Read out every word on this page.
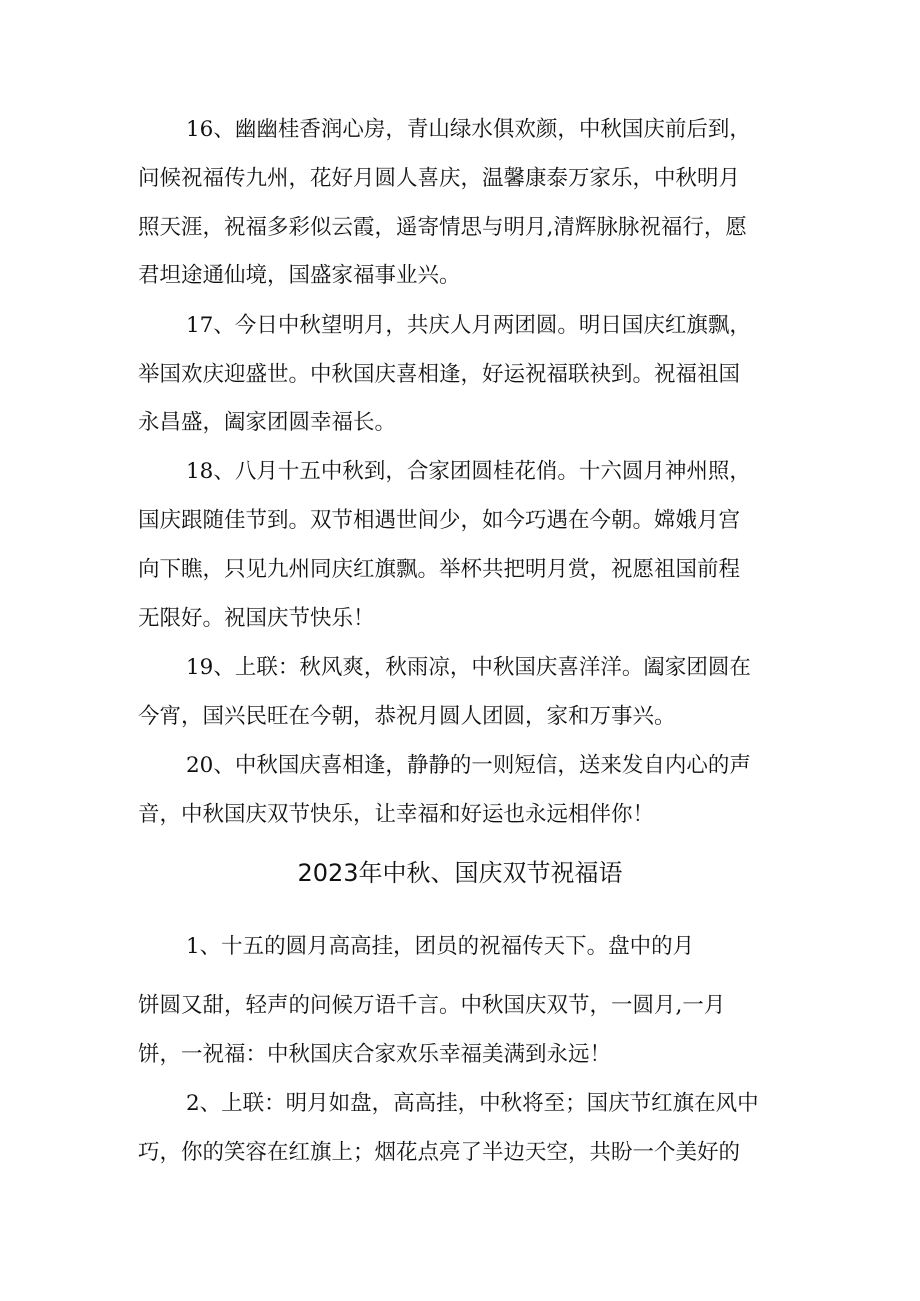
16、幽幽桂香润心房，青山绿水俱欢颜，中秋国庆前后到，
问候祝福传九州，花好月圆人喜庆，温馨康泰万家乐，中秋明月
照天涯，祝福多彩似云霞，遥寄情思与明月,清辉脉脉祝福行，愿
君坦途通仙境，国盛家福事业兴。
17、今日中秋望明月，共庆人月两团圆。明日国庆红旗飘，
举国欢庆迎盛世。中秋国庆喜相逢，好运祝福联袂到。祝福祖国
永昌盛，阖家团圆幸福长。
18、八月十五中秋到，合家团圆桂花俏。十六圆月神州照，
国庆跟随佳节到。双节相遇世间少，如今巧遇在今朝。嫦娥月宫
向下瞧，只见九州同庆红旗飘。举杯共把明月赏，祝愿祖国前程
无限好。祝国庆节快乐！
19、上联：秋风爽，秋雨凉，中秋国庆喜洋洋。阖家团圆在
今宵，国兴民旺在今朝，恭祝月圆人团圆，家和万事兴。
20、中秋国庆喜相逢，静静的一则短信，送来发自内心的声
音，中秋国庆双节快乐，让幸福和好运也永远相伴你！
2023年中秋、国庆双节祝福语
1、十五的圆月高高挂，团员的祝福传天下。盘中的月
饼圆又甜，轻声的问候万语千言。中秋国庆双节，一圆月,一月
饼，一祝福：中秋国庆合家欢乐幸福美满到永远！
2、上联：明月如盘，高高挂，中秋将至；国庆节红旗在风中
巧，你的笑容在红旗上；烟花点亮了半边天空，共盼一个美好的
